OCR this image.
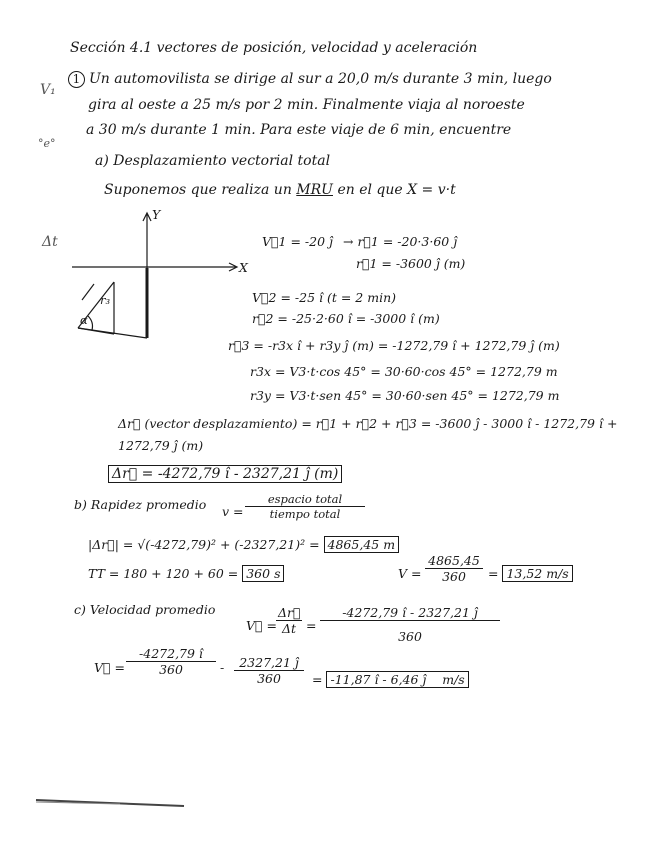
V₁
°e°
Δt
Sección 4.1 vectores de posición, velocidad y aceleración
1 Un automovilista se dirige al sur a 20,0 m/s durante 3 min, luego
gira al oeste a 25 m/s por 2 min. Finalmente viaja al noroeste
a 30 m/s durante 1 min. Para este viaje de 6 min, encuentre
a) Desplazamiento vectorial total
Suponemos que realiza un MRU en el que X = v·t
Y
X
r₃
α
V⃗1 = -20 ĵ → r⃗1 = -20·3·60 ĵ
r⃗1 = -3600 ĵ (m)
V⃗2 = -25 î (t = 2 min)
r⃗2 = -25·2·60 î = -3000 î (m)
r⃗3 = -r3x î + r3y ĵ (m) = -1272,79 î + 1272,79 ĵ (m)
r3x = V3·t·cos 45° = 30·60·cos 45° = 1272,79 m
r3y = V3·t·sen 45° = 30·60·sen 45° = 1272,79 m
Δr⃗ (vector desplazamiento) = r⃗1 + r⃗2 + r⃗3 = -3600 ĵ - 3000 î - 1272,79 î +
1272,79 ĵ (m)
Δr⃗ = -4272,79 î - 2327,21 ĵ (m)
b) Rapidez promedio v =
espacio total
tiempo total
|Δr⃗| = √(-4272,79)² + (-2327,21)² = 4865,45 m
TT = 180 + 120 + 60 = 360 s	$V = \frac{4865,45}{360} = 13,52$ m/s
c) Velocidad promedio
V⃗ = $\frac{\Delta r⃗}{\Delta t} = \frac{-4272,79 î - 2327,21 ĵ}{360}$
V⃗ = $\frac{-4272,79 î}{360} - \frac{2327,21 ĵ}{360} = -11,87$ î - 6,46 ĵ m/s
